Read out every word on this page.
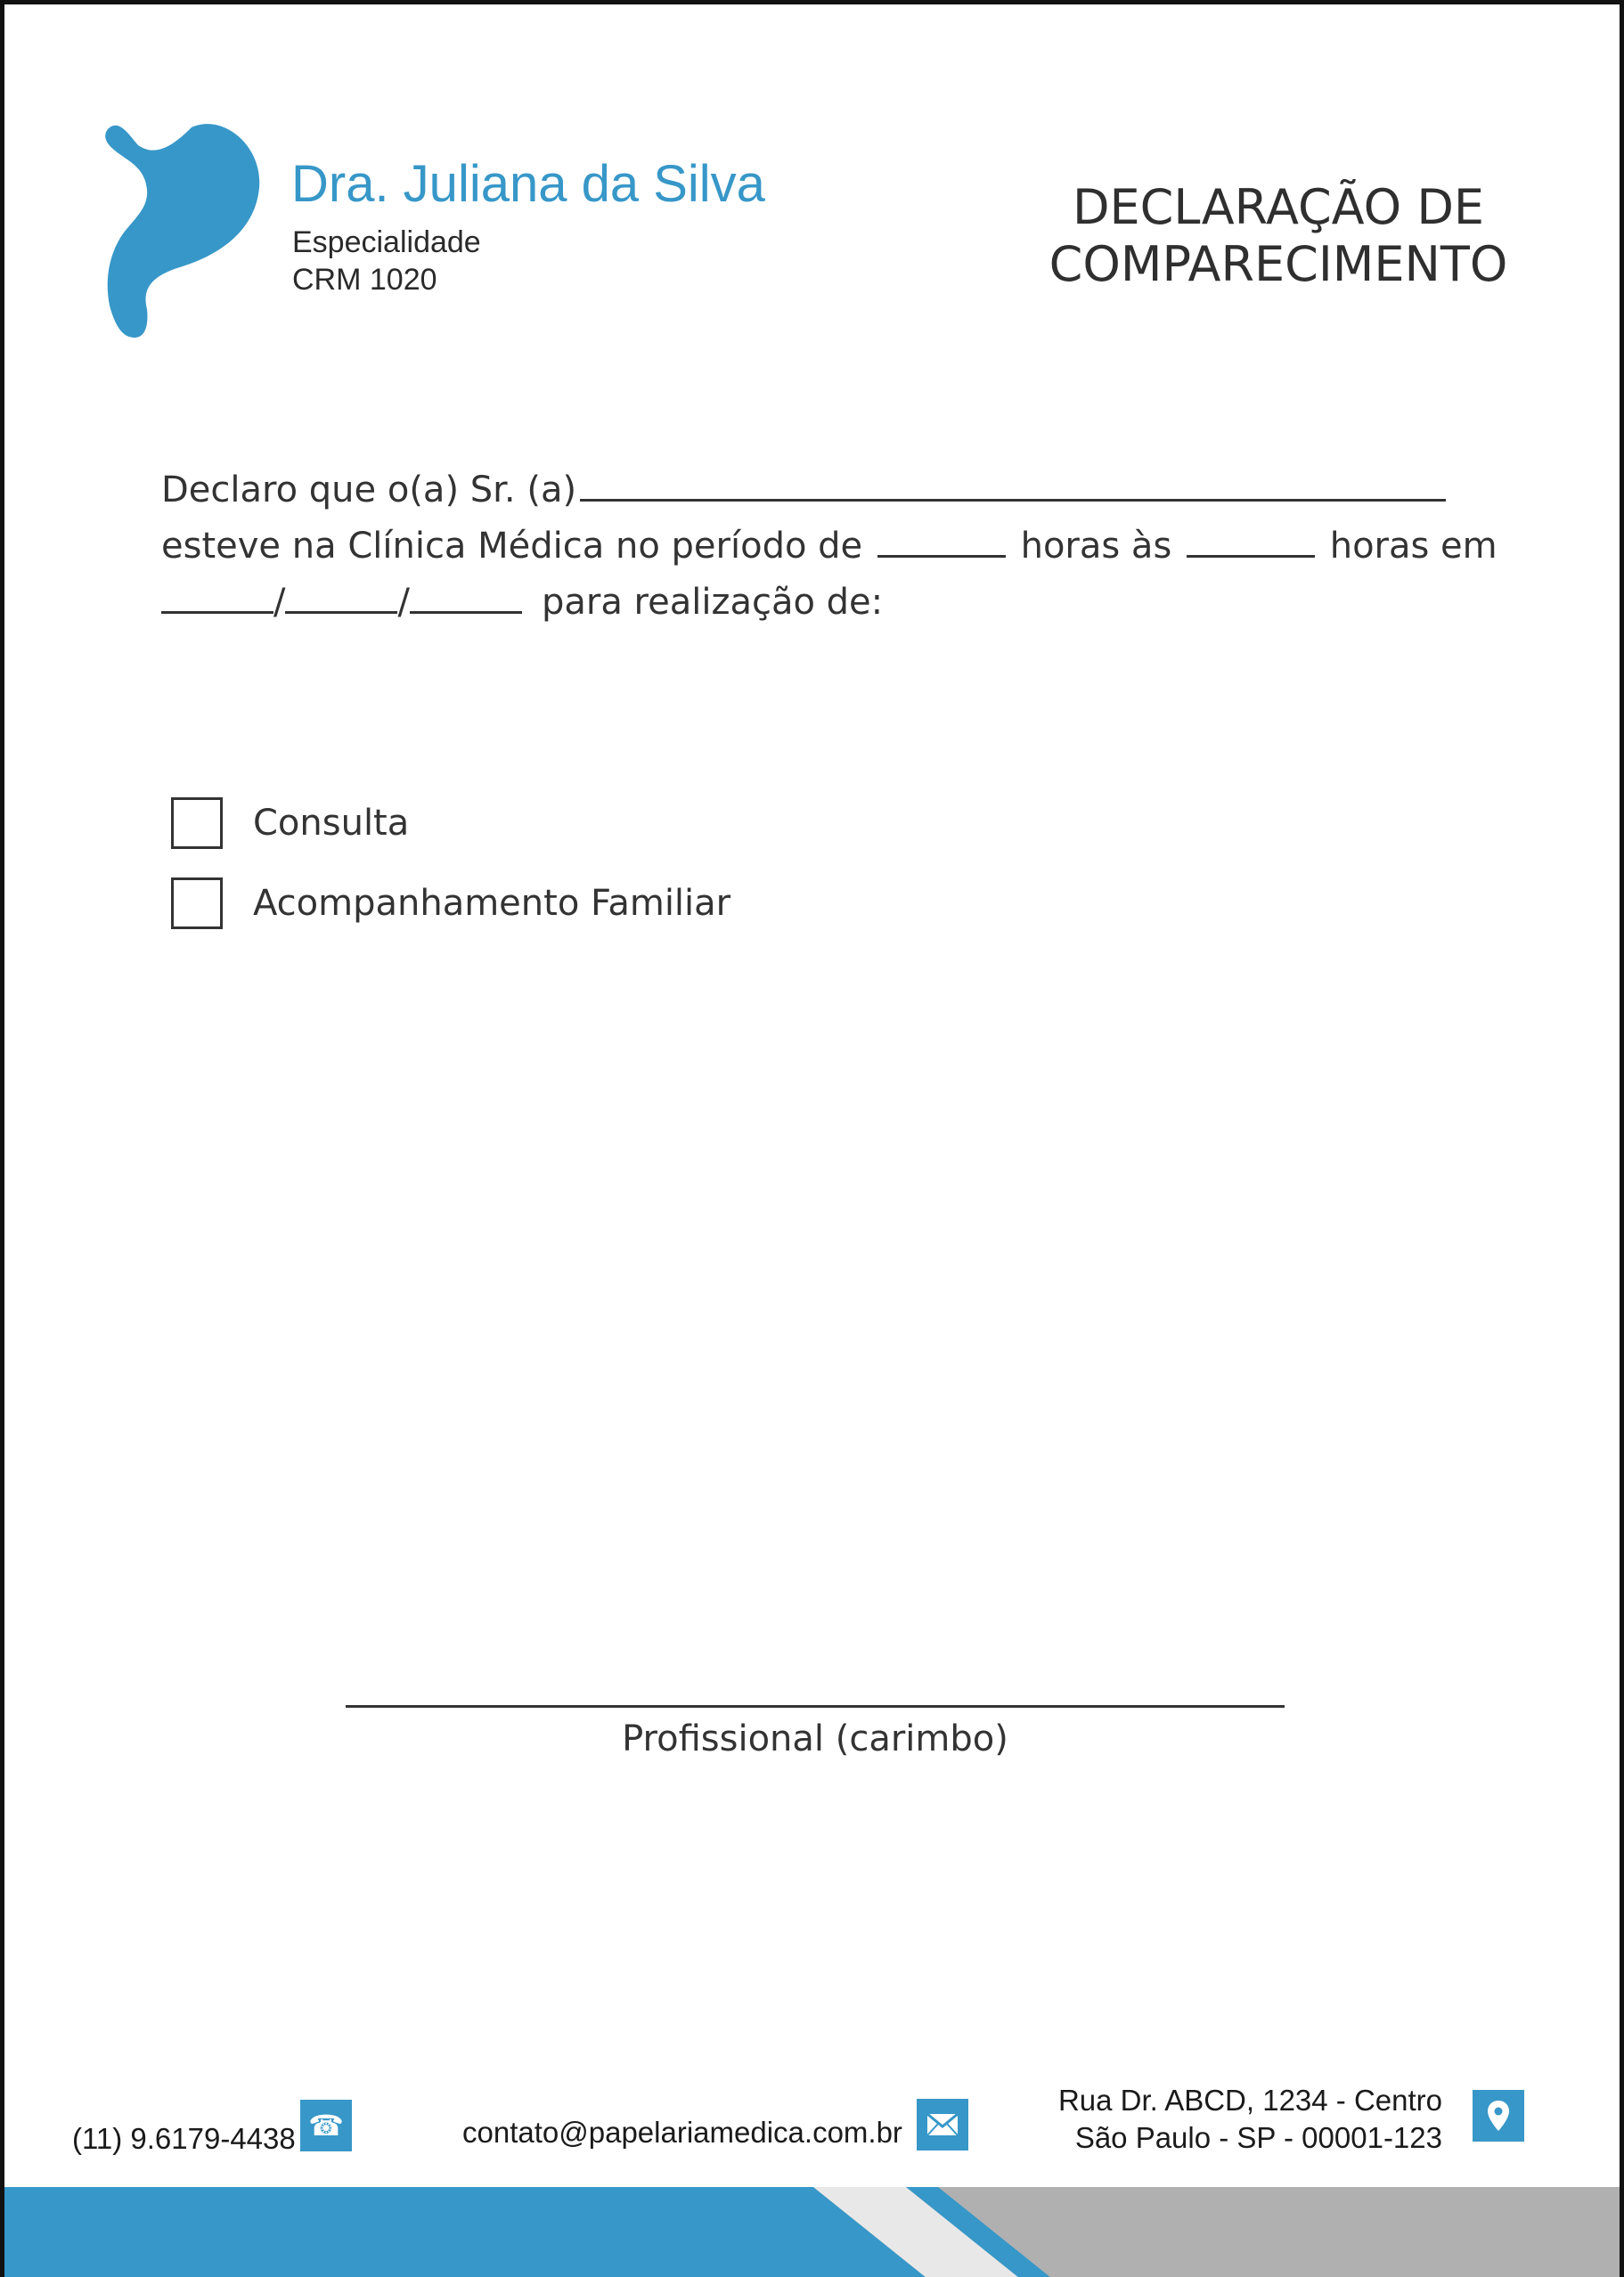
Dra. Juliana da Silva
Especialidade
CRM 1020
DECLARAÇÃO DE
COMPARECIMENTO
Declaro que o(a) Sr. (a)
esteve na Clínica Médica no período de	horas às	horas em
/	/	para realização de:
Consulta
Acompanhamento Familiar
Profissional (carimbo)
(11) 9.6179-4438 ☎	contato@papelariamedica.com.br
Rua Dr. ABCD, 1234 - Centro
São Paulo - SP - 00001-123
